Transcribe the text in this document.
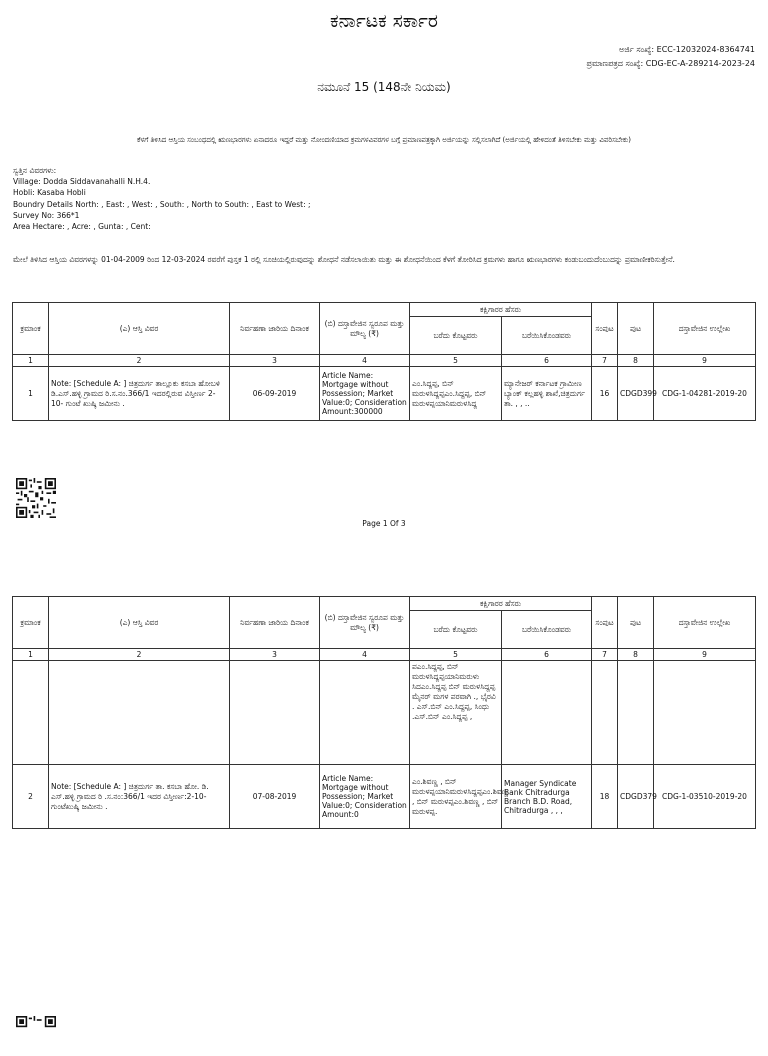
ಕರ್ನಾಟಕ ಸರ್ಕಾರ
ಅರ್ಜಿ ಸಂಖ್ಯೆ: ECC-12032024-8364741
ಪ್ರಮಾಣಪತ್ರದ ಸಂಖ್ಯೆ: CDG-EC-A-289214-2023-24
ನಮೂನೆ 15 (148ನೇ ನಿಯಮ)
ಕೆಳಗೆ ತಿಳಿಸಿದ ಆಸ್ತಿಯ ಸಂಬಂಧದಲ್ಲಿ ಋಣಭಾರಗಳು ಏನಾದರೂ ಇದ್ದರೆ ಮತ್ತು ನೋಂದಣಿಯಾದ ಕ್ರಮಗಳವಿವರಗಳ ಬಗ್ಗೆ ಪ್ರಮಾಣಪತ್ರಕ್ಕಾಗಿ ಅರ್ಜಿಯನ್ನು ಸಲ್ಲಿಸಲಾಗಿದೆ (ಅರ್ಜಿಯಲ್ಲಿ ಹೇಳಿದಂತೆ ತಿಳಿಸಬೇಕು ಮತ್ತು ವಿವರಿಸಬೇಕು)
ಸ್ವತ್ತಿನ ವಿವರಗಳು:
Village: Dodda Siddavanahalli N.H.4.
Hobli: Kasaba Hobli
Boundry Details North: , East: , West: , South: , North to South: , East to West: ;
Survey No: 366*1
Area Hectare: , Acre: , Gunta: , Cent:
ಮೇಲೆ ತಿಳಿಸಿದ ಆಸ್ತಿಯ ವಿವರಗಳನ್ನು 01-04-2009 ರಿಂದ 12-03-2024 ರವರೆಗೆ ಪುಸ್ತಕ 1 ರಲ್ಲಿ ಸೂಚಿಯಲ್ಲಿರುವುದನ್ನು ಶೋಧನೆ ನಡೆಸಲಾಯಿತು ಮತ್ತು ಈ ಶೋಧನೆಯಿಂದ ಕೆಳಗೆ ತೋರಿಸಿದ ಕ್ರಮಗಳು ಹಾಗೂ ಋಣಭಾರಗಳು ಕಂಡುಬಂದುದೆಂಬುದನ್ನು ಪ್ರಮಾಣೀಕರಿಸುತ್ತೇನೆ.
ಕ್ರಮಾಂಕ	(ಎ) ಆಸ್ತಿ ವಿವರ	ನಿರ್ವಹಣಾ ಜಾರಿಯ ದಿನಾಂಕ	(ಬಿ) ದಸ್ತಾವೇಜಿನ ಸ್ವರೂಪ ಮತ್ತು ಮೌಲ್ಯ (₹)	ಕಕ್ಷಿಗಾರರ ಹೆಸರು		ಸಂಪುಟ	ಪುಟ	ದಸ್ತಾವೇಜಿನ ಉಲ್ಲೇಖ
				ಬರೆದು ಕೊಟ್ಟವರು	ಬರೆಯಿಸಿಕೊಂಡವರು			
1	2	3	4	5	6	7	8	9
1	Note: [Schedule A: ] ಚಿತ್ರದುರ್ಗ ತಾಲ್ಲೂಕು ಕಸಬಾ ಹೋಬಳಿ ಡಿ.ಎಸ್.ಹಳ್ಳಿ ಗ್ರಾಮದ ರಿ.ಸ.ನಂ.366/1 ಇದರಲ್ಲಿರುವ ವಿಸ್ತೀರ್ಣ 2-10- ಗುಂಟೆ ಖುಷ್ಕಿ ಜಮೀನು .	06-09-2019	Article Name: Mortgage without Possession; Market Value:0; Consideration Amount:300000	ಎಂ.ಸಿದ್ದಪ್ಪ, ಬಿನ್ ಮರುಳಸಿದ್ದಪ್ಪಎಂ.ಸಿದ್ದಪ್ಪ, ಬಿನ್ ಮರುಳಪ್ಪಯಾನಿಮರುಳಸಿದ್ದ	ಮ್ಯಾನೇಜರ್ ಕರ್ನಾಟಕ ಗ್ರಾಮೀಣ ಬ್ಯಾಂಕ್ ಕಲ್ಲಹಳ್ಳಿ ಶಾಖೆ,ಚಿತ್ರದುರ್ಗ ತಾ. , , ..	16	CDGD399	CDG-1-04281-2019-20
Page 1 Of 3
ಕ್ರಮಾಂಕ	(ಎ) ಆಸ್ತಿ ವಿವರ	ನಿರ್ವಹಣಾ ಜಾರಿಯ ದಿನಾಂಕ	(ಬಿ) ದಸ್ತಾವೇಜಿನ ಸ್ವರೂಪ ಮತ್ತು ಮೌಲ್ಯ (₹)	ಕಕ್ಷಿಗಾರರ ಹೆಸರು		ಸಂಪುಟ	ಪುಟ	ದಸ್ತಾವೇಜಿನ ಉಲ್ಲೇಖ
				ಬರೆದು ಕೊಟ್ಟವರು	ಬರೆಯಿಸಿಕೊಂಡವರು			
1	2	3	4	5	6	7	8	9
				ಪಎಂ.ಸಿದ್ದಪ್ಪ, ಬಿನ್ ಮರುಳಸಿದ್ದಪ್ಪಯಾನಿಮರುಳು ಸಿದಎಂ.ಸಿದ್ದಪ್ಪ ಬಿನ್ ಮರುಳಸಿದ್ದಪ್ಪ ಮೈನರ್ ಮಗಳ ಪರವಾಗಿ ., ಭೈರವಿ . ಎಸ್.ಬಿನ್ ಎಂ.ಸಿದ್ದಪ್ಪ, ಸಿಂಧು .ಎಸ್.ಬಿನ್ ಎಂ.ಸಿದ್ದಪ್ಪ ,				
2	Note: [Schedule A: ] ಚಿತ್ರದುರ್ಗ ತಾ. ಕಸಬಾ ಹೋ. ಡಿ. ಎಸ್.ಹಳ್ಳಿ ಗ್ರಾಮದ ರಿ .ಸ.ನಂ:366/1 ಇದರ ವಿಸ್ತೀರ್ಣ:2-10-ಗುಂಟೆಖುಷ್ಕಿ ಜಮೀನು .	07-08-2019	Article Name: Mortgage without Possession; Market Value:0; Consideration Amount:0	ಎಂ.ಶಿವಣ್ಣ , ಬಿನ್ ಮರುಳಪ್ಪಯಾನಿಮರುಳಸಿದ್ದಪ್ಪಎಂ.ಶಿವಣ್ಣ , ಬಿನ್ ಮರುಳಪ್ಪಎಂ.ಶಿವಣ್ಣ , ಬಿನ್ ಮರುಳಪ್ಪ.	Manager Syndicate Bank Chitradurga Branch B.D. Road, Chitradurga , , ,	18	CDGD379	CDG-1-03510-2019-20
